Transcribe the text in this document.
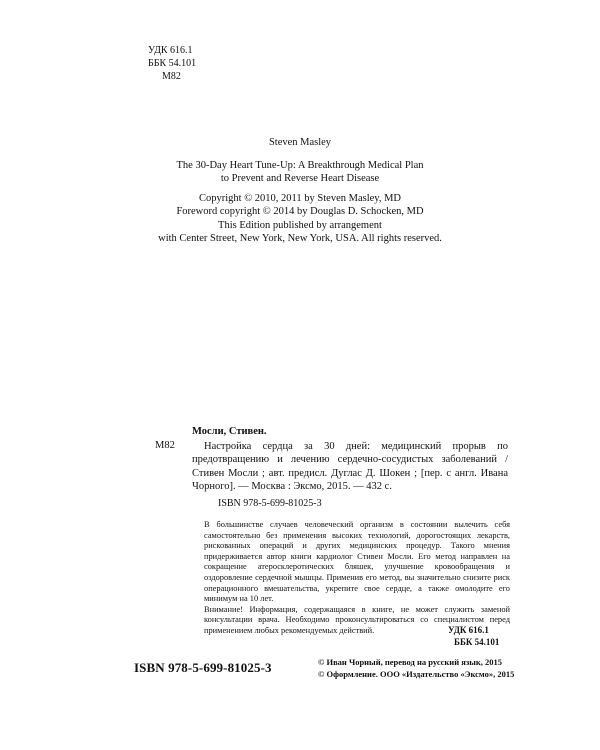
УДК 616.1
ББК 54.101
М82
Steven Masley
The 30-Day Heart Tune-Up: A Breakthrough Medical Plan
to Prevent and Reverse Heart Disease
Copyright © 2010, 2011 by Steven Masley, MD
Foreword copyright © 2014 by Douglas D. Schocken, MD
This Edition published by arrangement
with Center Street, New York, New York, USA. All rights reserved.
Мосли, Стивен.
М82	Настройка сердца за 30 дней: медицинский прорыв по предотвращению и лечению сердечно-сосудистых заболеваний / Стивен Мосли ; авт. предисл. Дуглас Д. Шокен ; [пер. с англ. Ивана Чорного]. — Москва : Эксмо, 2015. — 432 с.
ISBN 978-5-699-81025-3

В большинстве случаев человеческий организм в состоянии вылечить себя самостоятельно без применения высоких технологий, дорогостоящих лекарств, рискованных операций и других медицинских процедур. Такого мнения придерживается автор книги кардиолог Стивен Мосли. Его метод направлен на сокращение атеросклеротических бляшек, улучшение кровообращения и оздоровление сердечной мышцы. Применив его метод, вы значительно снизите риск операционного вмешательства, укрепите свое сердце, а также омолодите его минимум на 10 лет.

Внимание! Информация, содержащаяся в книге, не может служить заменой консультации врача. Необходимо проконсультироваться со специалистом перед применением любых рекомендуемых действий.	УДК 616.1
ББК 54.101
ISBN 978-5-699-81025-3	© Иван Чорный, перевод на русский язык, 2015
© Оформление. ООО «Издательство «Эксмо», 2015
